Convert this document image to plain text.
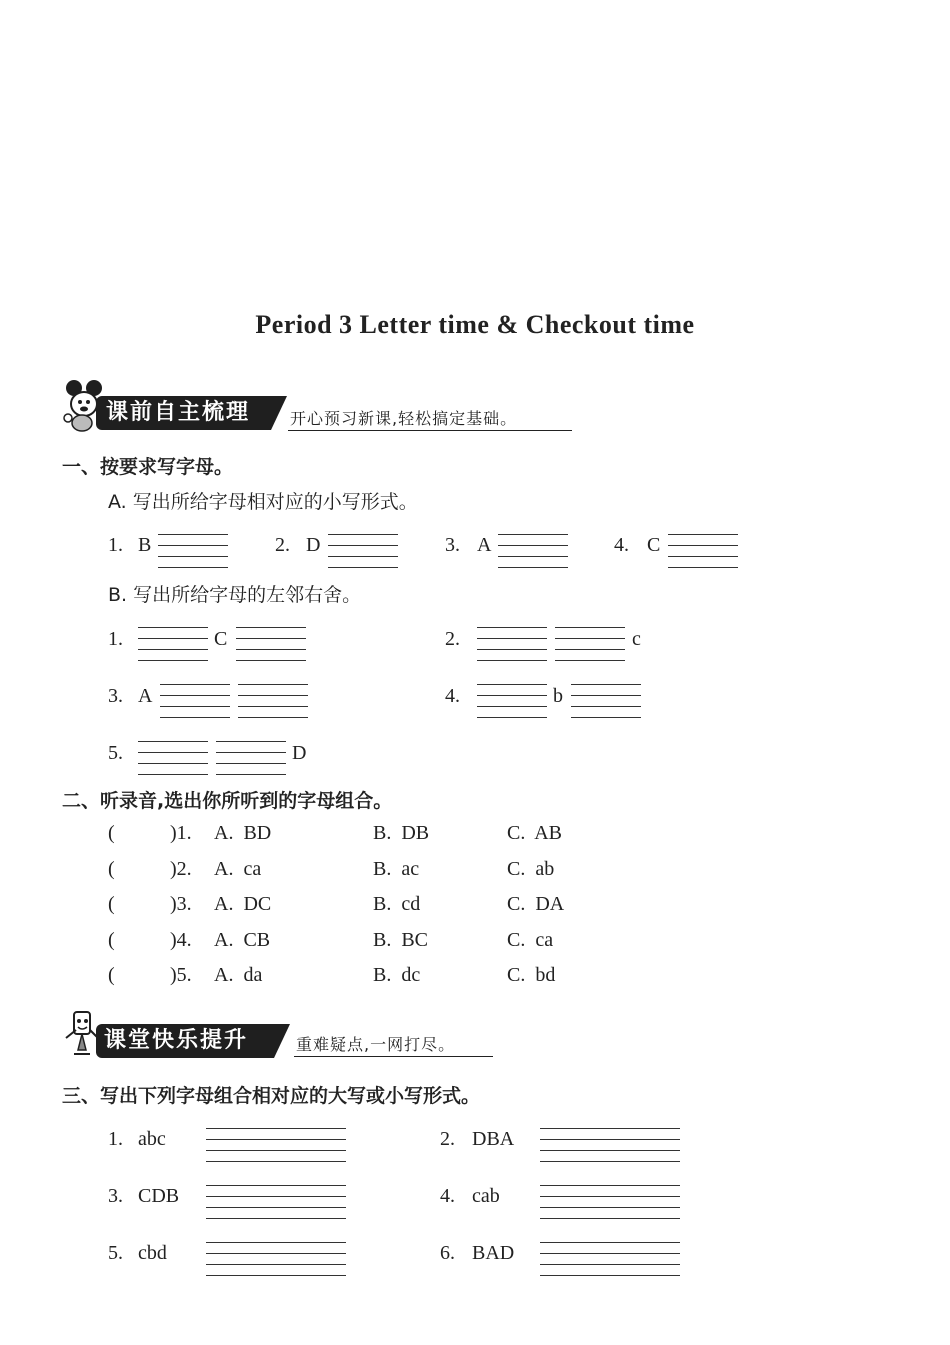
Period 3 Letter time & Checkout time
课前自主梳理	开心预习新课,轻松搞定基础。
一、按要求写字母。
A. 写出所给字母相对应的小写形式。
1. B	2. D	3. A	4. C
B. 写出所给字母的左邻右舍。
1.	C	2.	c
3. A	4.	b
5.	D
二、听录音,选出你所听到的字母组合。
(	)1. A.  BD	B.  DB	C.  AB
(	)2. A.  ca	B.  ac	C.  ab
(	)3. A.  DC	B.  cd	C.  DA
(	)4. A.  CB	B.  BC	C.  ca
(	)5. A.  da	B.  dc	C.  bd
课堂快乐提升	重难疑点,一网打尽。
三、写出下列字母组合相对应的大写或小写形式。
1. abc	2. DBA
3. CDB	4. cab
5. cbd	6. BAD
